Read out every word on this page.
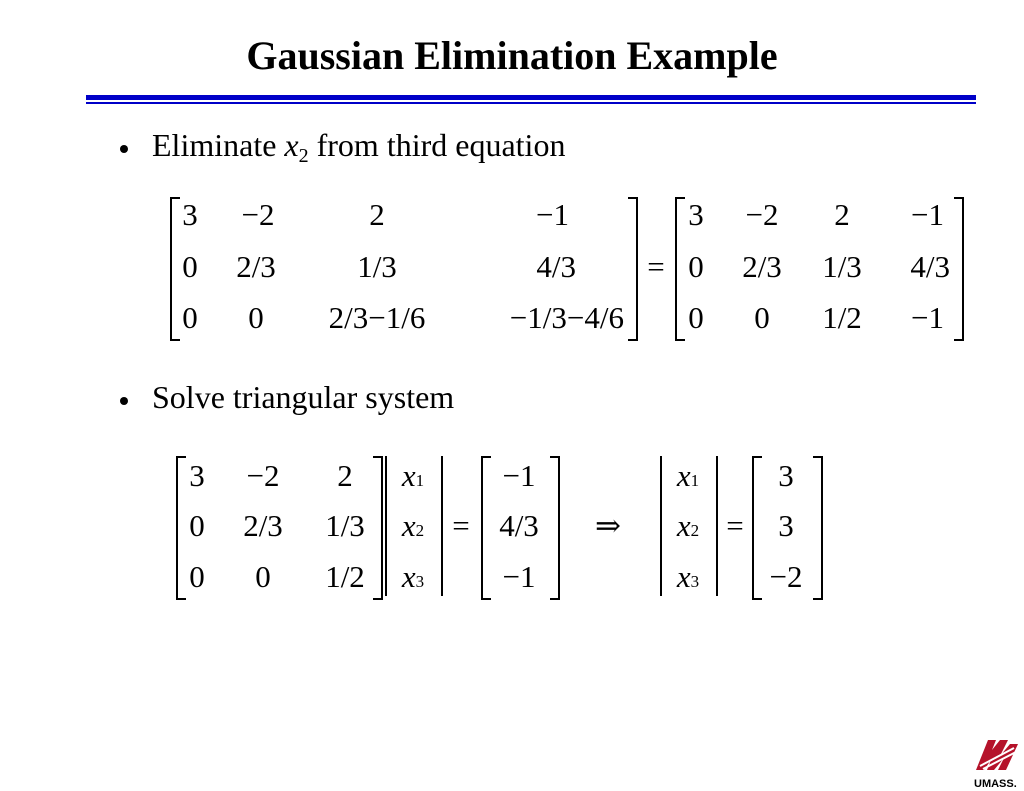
Gaussian Elimination Example
Eliminate $x_2$ from third equation
3 −2	2	−1
0 2/3	1/3	4/3
0 0 2/3−1/6	−1/3−4/6
=
3 −2 2 −1
0 2/3 1/3 4/3
0 0 1/2 −1
Solve triangular system
3 −2 2
0 2/3 1/3
0 0 1/2
x1
x2
x3
=
−1
4/3
−1
⇒
x1
x2
x3
=
3
3
−2
UMASS.
